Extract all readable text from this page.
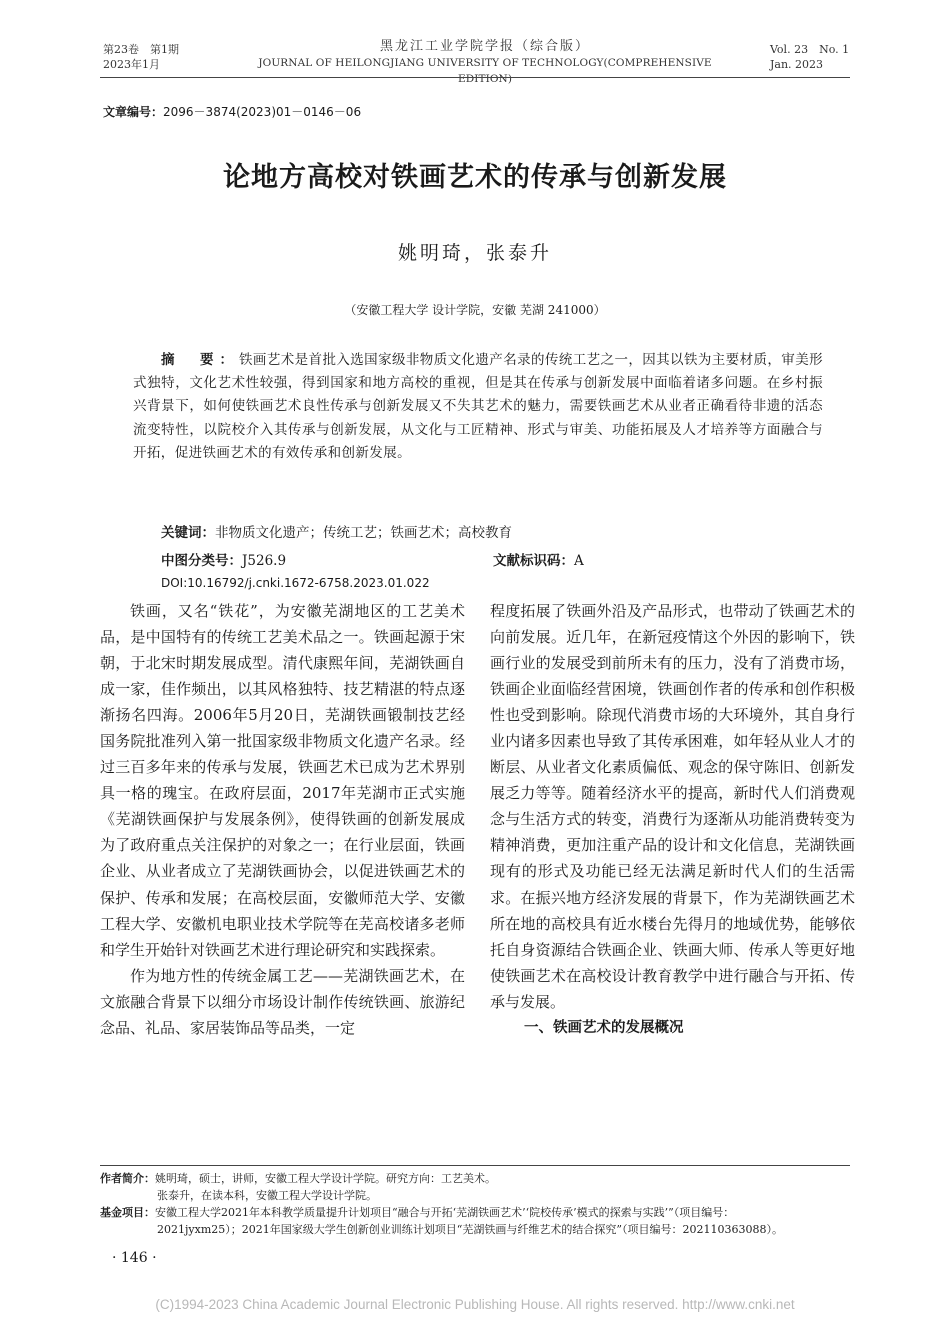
第23卷　第1期
2023年1月
黑龙江工业学院学报（综合版）
JOURNAL OF HEILONGJIANG UNIVERSITY OF TECHNOLOGY(COMPREHENSIVE EDITION)
Vol. 23　No. 1
Jan. 2023
文章编号：2096－3874(2023)01－0146－06
论地方高校对铁画艺术的传承与创新发展
姚明琦，张泰升
（安徽工程大学 设计学院，安徽 芜湖 241000）
摘　要：铁画艺术是首批入选国家级非物质文化遗产名录的传统工艺之一，因其以铁为主要材质，审美形式独特，文化艺术性较强，得到国家和地方高校的重视，但是其在传承与创新发展中面临着诸多问题。在乡村振兴背景下，如何使铁画艺术良性传承与创新发展又不失其艺术的魅力，需要铁画艺术从业者正确看待非遗的活态流变特性，以院校介入其传承与创新发展，从文化与工匠精神、形式与审美、功能拓展及人才培养等方面融合与开拓，促进铁画艺术的有效传承和创新发展。
关键词：非物质文化遗产；传统工艺；铁画艺术；高校教育
中图分类号：J526.9	文献标识码：A
DOI:10.16792/j.cnki.1672-6758.2023.01.022

铁画，又名“铁花”，为安徽芜湖地区的工艺美术品，是中国特有的传统工艺美术品之一。铁画起源于宋朝，于北宋时期发展成型。清代康熙年间，芜湖铁画自成一家，佳作频出，以其风格独特、技艺精湛的特点逐渐扬名四海。2006年5月20日，芜湖铁画锻制技艺经国务院批准列入第一批国家级非物质文化遗产名录。经过三百多年来的传承与发展，铁画艺术已成为艺术界别具一格的瑰宝。在政府层面，2017年芜湖市正式实施《芜湖铁画保护与发展条例》，使得铁画的创新发展成为了政府重点关注保护的对象之一；在行业层面，铁画企业、从业者成立了芜湖铁画协会，以促进铁画艺术的保护、传承和发展；在高校层面，安徽师范大学、安徽工程大学、安徽机电职业技术学院等在芜高校诸多老师和学生开始针对铁画艺术进行理论研究和实践探索。

作为地方性的传统金属工艺——芜湖铁画艺术，在文旅融合背景下以细分市场设计制作传统铁画、旅游纪念品、礼品、家居装饰品等品类，一定

程度拓展了铁画外沿及产品形式，也带动了铁画艺术的向前发展。近几年，在新冠疫情这个外因的影响下，铁画行业的发展受到前所未有的压力，没有了消费市场，铁画企业面临经营困境，铁画创作者的传承和创作积极性也受到影响。除现代消费市场的大环境外，其自身行业内诸多因素也导致了其传承困难，如年轻从业人才的断层、从业者文化素质偏低、观念的保守陈旧、创新发展乏力等等。随着经济水平的提高，新时代人们消费观念与生活方式的转变，消费行为逐渐从功能消费转变为精神消费，更加注重产品的设计和文化信息，芜湖铁画现有的形式及功能已经无法满足新时代人们的生活需求。在振兴地方经济发展的背景下，作为芜湖铁画艺术所在地的高校具有近水楼台先得月的地域优势，能够依托自身资源结合铁画企业、铁画大师、传承人等更好地使铁画艺术在高校设计教育教学中进行融合与开拓、传承与发展。

一、铁画艺术的发展概况

作者简介：姚明琦，硕士，讲师，安徽工程大学设计学院。研究方向：工艺美术。
张泰升，在读本科，安徽工程大学设计学院。
基金项目：安徽工程大学2021年本科教学质量提升计划项目“融合与开拓‘芜湖铁画艺术’‘院校传承’模式的探索与实践’”（项目编号：
2021jyxm25）；2021年国家级大学生创新创业训练计划项目“芜湖铁画与纤维艺术的结合探究”（项目编号：202110363088）。
· 146 ·
(C)1994-2023 China Academic Journal Electronic Publishing House. All rights reserved. http://www.cnki.net
